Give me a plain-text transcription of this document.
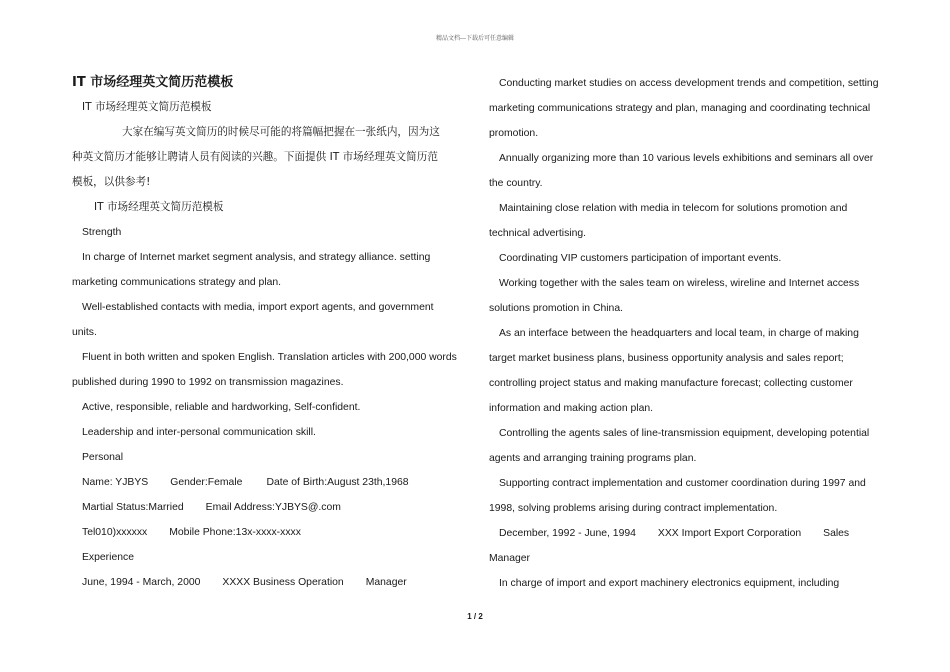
精品文档---下载后可任意编辑
IT 市场经理英文简历范模板
IT 市场经理英文简历范模板
大家在编写英文简历的时候尽可能的将篇幅把握在一张纸内，因为这
种英文简历才能够让聘请人员有阅读的兴趣。下面提供 IT 市场经理英文简历范
模板，以供参考!
IT 市场经理英文简历范模板
Strength
In charge of Internet market segment analysis, and strategy alliance. setting
marketing communications strategy and plan.
Well-established contacts with media, import export agents, and government
units.
Fluent in both written and spoken English. Translation articles with 200,000 words
published during 1990 to 1992 on transmission magazines.
Active, responsible, reliable and hardworking, Self-confident.
Leadership and inter-personal communication skill.
Personal
Name: YJBYS Gender:Female Date of Birth:August 23th,1968
Martial Status:Married Email Address:YJBYS@.com
Tel010)xxxxxx Mobile Phone:13x-xxxx-xxxx
Experience
June, 1994 - March, 2000 XXXX Business Operation Manager
Conducting market studies on access development trends and competition, setting
marketing communications strategy and plan, managing and coordinating technical
promotion.
Annually organizing more than 10 various levels exhibitions and seminars all over
the country.
Maintaining close relation with media in telecom for solutions promotion and
technical advertising.
Coordinating VIP customers participation of important events.
Working together with the sales team on wireless, wireline and Internet access
solutions promotion in China.
As an interface between the headquarters and local team, in charge of making
target market business plans, business opportunity analysis and sales report;
controlling project status and making manufacture forecast; collecting customer
information and making action plan.
Controlling the agents sales of line-transmission equipment, developing potential
agents and arranging training programs plan.
Supporting contract implementation and customer coordination during 1997 and
1998, solving problems arising during contract implementation.
December, 1992 - June, 1994 XXX Import Export Corporation Sales
Manager
In charge of import and export machinery electronics equipment, including
1 / 2
